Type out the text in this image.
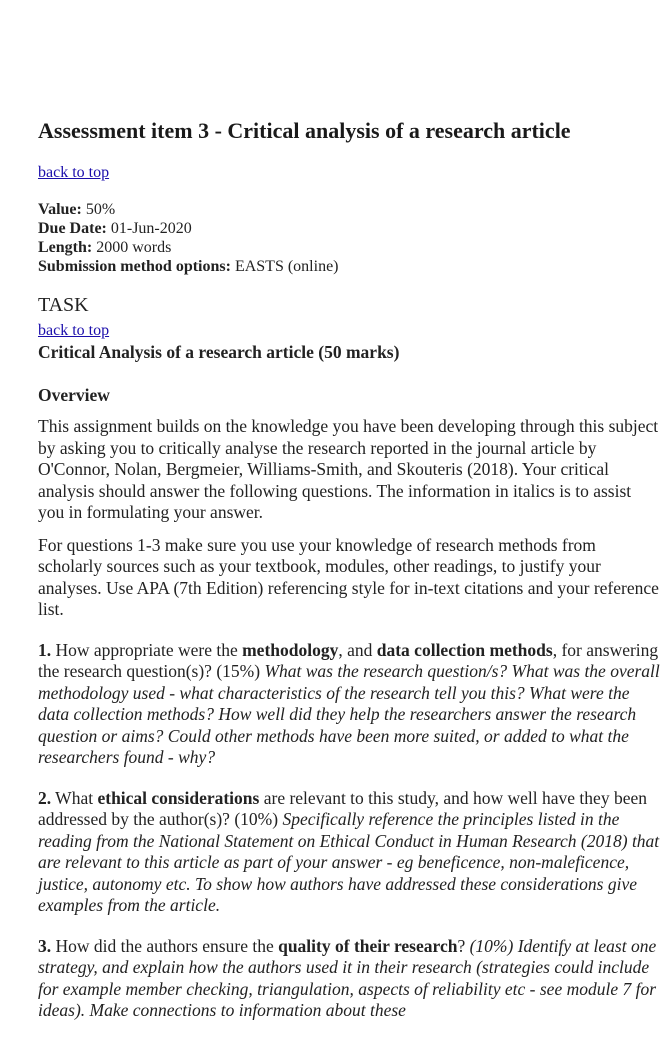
Assessment item 3 - Critical analysis of a research article
back to top
Value: 50%
Due Date: 01-Jun-2020
Length: 2000 words
Submission method options: EASTS (online)
TASK
back to top
Critical Analysis of a research article (50 marks)
Overview

This assignment builds on the knowledge you have been developing through this subject by asking you to critically analyse the research reported in the journal article by O'Connor, Nolan, Bergmeier, Williams-Smith, and Skouteris (2018). Your critical analysis should answer the following questions. The information in italics is to assist you in formulating your answer.

For questions 1-3 make sure you use your knowledge of research methods from scholarly sources such as your textbook, modules, other readings, to justify your analyses. Use APA (7th Edition) referencing style for in-text citations and your reference list.

1. How appropriate were the methodology, and data collection methods, for answering the research question(s)? (15%) What was the research question/s? What was the overall methodology used - what characteristics of the research tell you this? What were the data collection methods? How well did they help the researchers answer the research question or aims? Could other methods have been more suited, or added to what the researchers found - why?
2. What ethical considerations are relevant to this study, and how well have they been addressed by the author(s)? (10%) Specifically reference the principles listed in the reading from the National Statement on Ethical Conduct in Human Research (2018) that are relevant to this article as part of your answer - eg beneficence, non-maleficence, justice, autonomy etc. To show how authors have addressed these considerations give examples from the article.
3. How did the authors ensure the quality of their research? (10%) Identify at least one strategy, and explain how the authors used it in their research (strategies could include for example member checking, triangulation, aspects of reliability etc - see module 7 for ideas). Make connections to information about these
